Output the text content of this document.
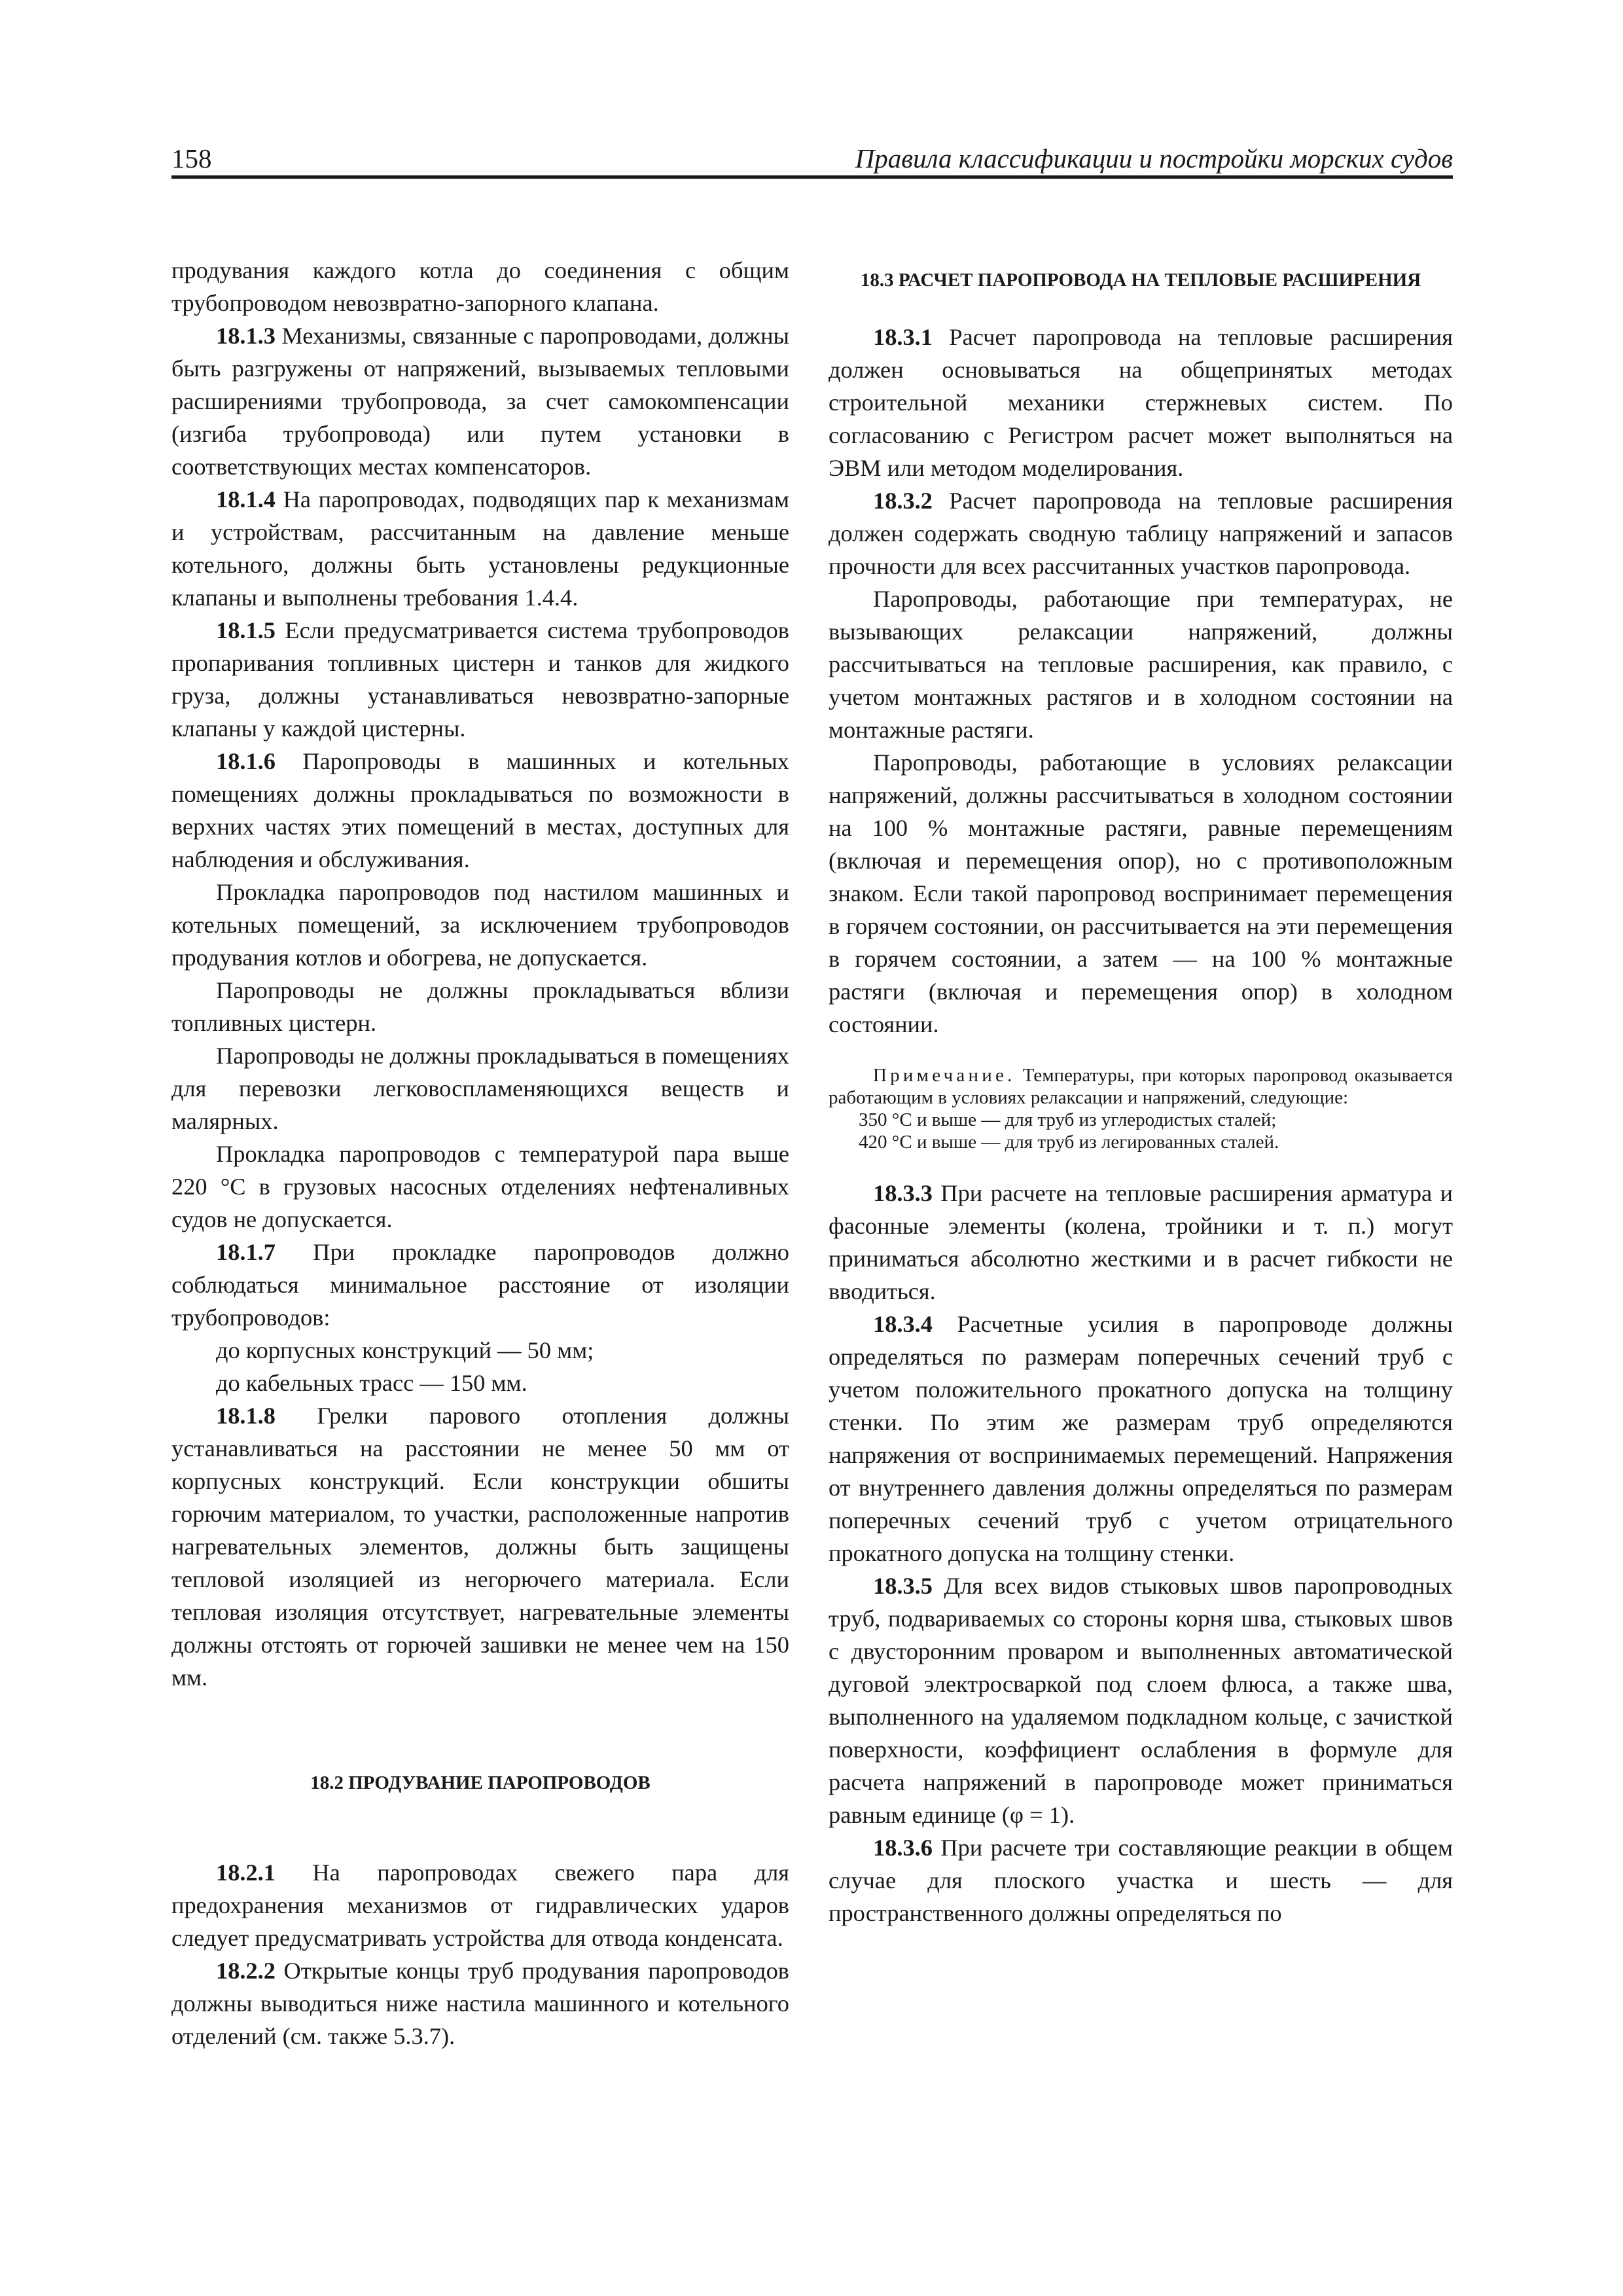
158	Правила классификации и постройки морских судов

продувания каждого котла до соединения с общим трубопроводом невозвратно-запорного клапана.

18.1.3 Механизмы, связанные с паропроводами, должны быть разгружены от напряжений, вызываемых тепловыми расширениями трубопровода, за счет самокомпенсации (изгиба трубопровода) или путем установки в соответствующих местах компенсаторов.

18.1.4 На паропроводах, подводящих пар к механизмам и устройствам, рассчитанным на давление меньше котельного, должны быть установлены редукционные клапаны и выполнены требования 1.4.4.

18.1.5 Если предусматривается система трубопроводов пропаривания топливных цистерн и танков для жидкого груза, должны устанавливаться невозвратно-запорные клапаны у каждой цистерны.

18.1.6 Паропроводы в машинных и котельных помещениях должны прокладываться по возможности в верхних частях этих помещений в местах, доступных для наблюдения и обслуживания.

Прокладка паропроводов под настилом машинных и котельных помещений, за исключением трубопроводов продувания котлов и обогрева, не допускается.

Паропроводы не должны прокладываться вблизи топливных цистерн.

Паропроводы не должны прокладываться в помещениях для перевозки легковоспламеняющихся веществ и малярных.

Прокладка паропроводов с температурой пара выше 220 °С в грузовых насосных отделениях нефтеналивных судов не допускается.

18.1.7 При прокладке паропроводов должно соблюдаться минимальное расстояние от изоляции трубопроводов:

до корпусных конструкций — 50 мм;

до кабельных трасс — 150 мм.

18.1.8 Грелки парового отопления должны устанавливаться на расстоянии не менее 50 мм от корпусных конструкций. Если конструкции обшиты горючим материалом, то участки, расположенные напротив нагревательных элементов, должны быть защищены тепловой изоляцией из негорючего материала. Если тепловая изоляция отсутствует, нагревательные элементы должны отстоять от горючей зашивки не менее чем на 150 мм.

18.2 ПРОДУВАНИЕ ПАРОПРОВОДОВ

18.2.1 На паропроводах свежего пара для предохранения механизмов от гидравлических ударов следует предусматривать устройства для отвода конденсата.

18.2.2 Открытые концы труб продувания паропроводов должны выводиться ниже настила машинного и котельного отделений (см. также 5.3.7).

18.3 РАСЧЕТ ПАРОПРОВОДА НА ТЕПЛОВЫЕ РАСШИРЕНИЯ

18.3.1 Расчет паропровода на тепловые расширения должен основываться на общепринятых методах строительной механики стержневых систем. По согласованию с Регистром расчет может выполняться на ЭВМ или методом моделирования.

18.3.2 Расчет паропровода на тепловые расширения должен содержать сводную таблицу напряжений и запасов прочности для всех рассчитанных участков паропровода.

Паропроводы, работающие при температурах, не вызывающих релаксации напряжений, должны рассчитываться на тепловые расширения, как правило, с учетом монтажных растягов и в холодном состоянии на монтажные растяги.

Паропроводы, работающие в условиях релаксации напряжений, должны рассчитываться в холодном состоянии на 100 % монтажные растяги, равные перемещениям (включая и перемещения опор), но с противоположным знаком. Если такой паропровод воспринимает перемещения в горячем состоянии, он рассчитывается на эти перемещения в горячем состоянии, а затем — на 100 % монтажные растяги (включая и перемещения опор) в холодном состоянии.

Примечание. Температуры, при которых паропровод оказывается работающим в условиях релаксации и напряжений, следующие:

350 °С и выше — для труб из углеродистых сталей;

420 °С и выше — для труб из легированных сталей.

18.3.3 При расчете на тепловые расширения арматура и фасонные элементы (колена, тройники и т. п.) могут приниматься абсолютно жесткими и в расчет гибкости не вводиться.

18.3.4 Расчетные усилия в паропроводе должны определяться по размерам поперечных сечений труб с учетом положительного прокатного допуска на толщину стенки. По этим же размерам труб определяются напряжения от воспринимаемых перемещений. Напряжения от внутреннего давления должны определяться по размерам поперечных сечений труб с учетом отрицательного прокатного допуска на толщину стенки.

18.3.5 Для всех видов стыковых швов паропроводных труб, подвариваемых со стороны корня шва, стыковых швов с двусторонним проваром и выполненных автоматической дуговой электросваркой под слоем флюса, а также шва, выполненного на удаляемом подкладном кольце, с зачисткой поверхности, коэффициент ослабления в формуле для расчета напряжений в паропроводе может приниматься равным единице (φ = 1).

18.3.6 При расчете три составляющие реакции в общем случае для плоского участка и шесть — для пространственного должны определяться по
